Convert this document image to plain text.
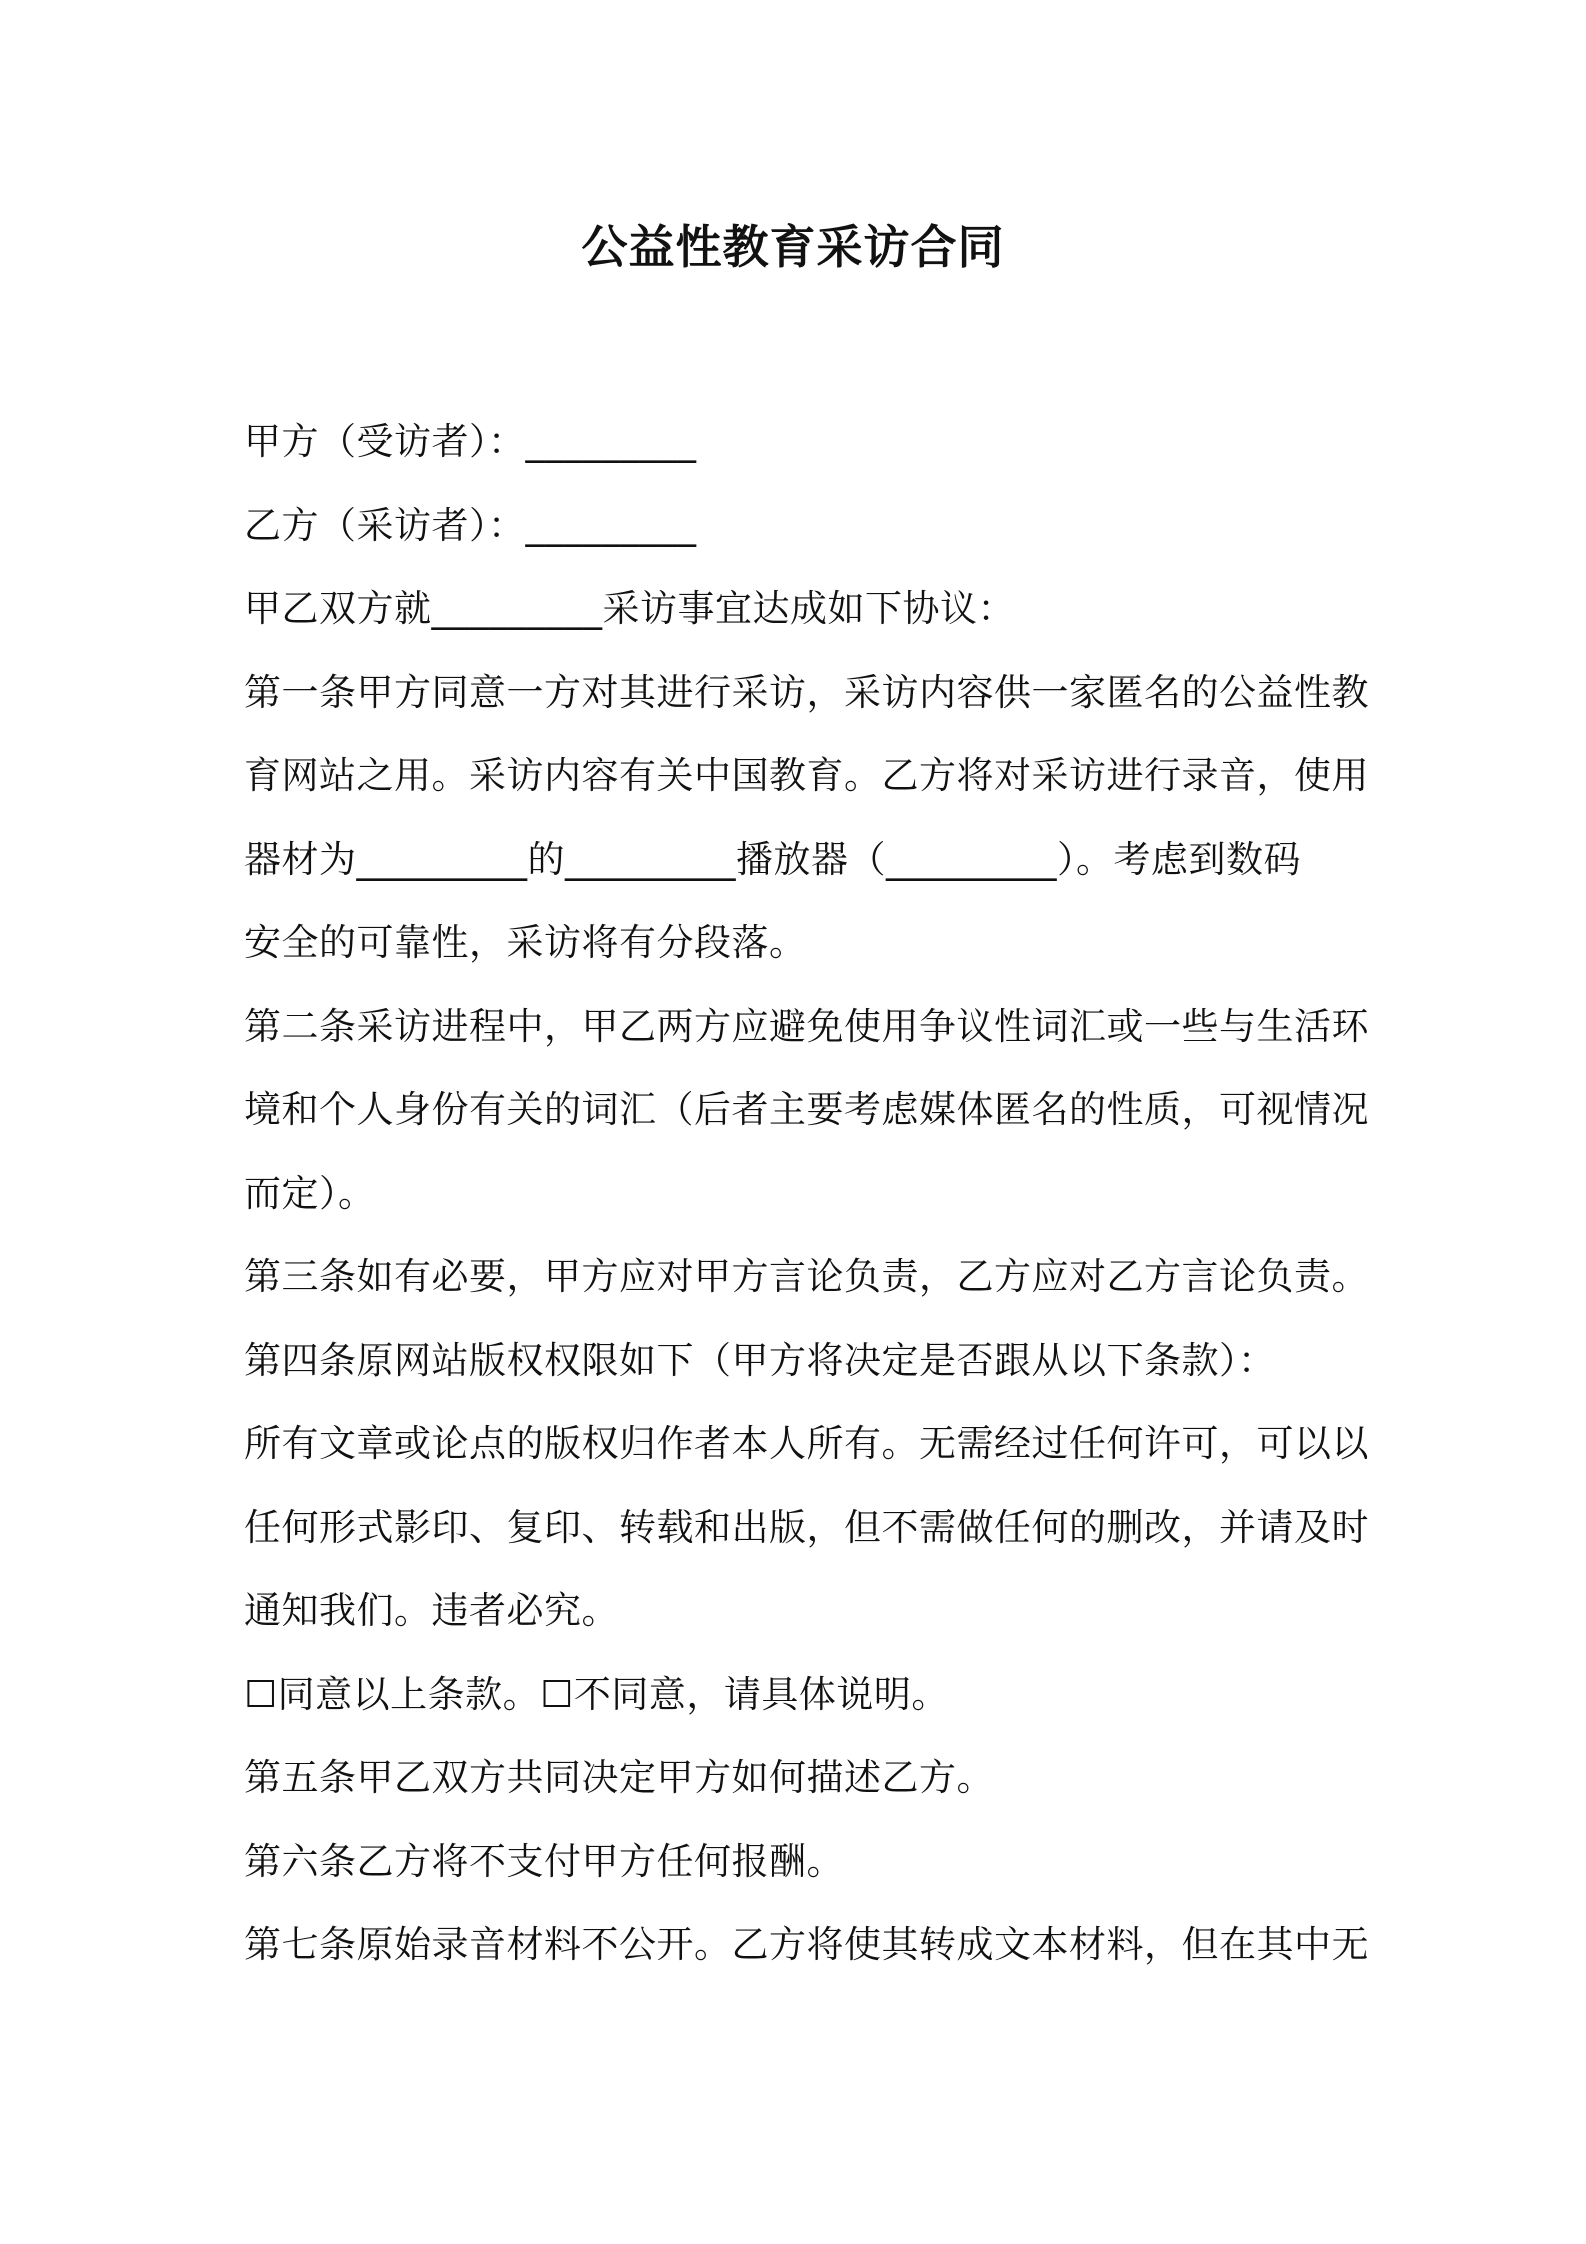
公益性教育采访合同
甲方（受访者）：_________
乙方（采访者）：_________
甲乙双方就_________采访事宜达成如下协议：
第一条甲方同意一方对其进行采访，采访内容供一家匿名的公益性教
育网站之用。采访内容有关中国教育。乙方将对采访进行录音，使用
器材为_________的_________播放器（_________）。考虑到数码
安全的可靠性，采访将有分段落。
第二条采访进程中，甲乙两方应避免使用争议性词汇或一些与生活环
境和个人身份有关的词汇（后者主要考虑媒体匿名的性质，可视情况
而定）。
第三条如有必要，甲方应对甲方言论负责，乙方应对乙方言论负责。
第四条原网站版权权限如下（甲方将决定是否跟从以下条款）：
所有文章或论点的版权归作者本人所有。无需经过任何许可，可以以
任何形式影印、复印、转载和出版，但不需做任何的删改，并请及时
通知我们。违者必究。
☐同意以上条款。☐不同意，请具体说明。
第五条甲乙双方共同决定甲方如何描述乙方。
第六条乙方将不支付甲方任何报酬。
第七条原始录音材料不公开。乙方将使其转成文本材料，但在其中无
